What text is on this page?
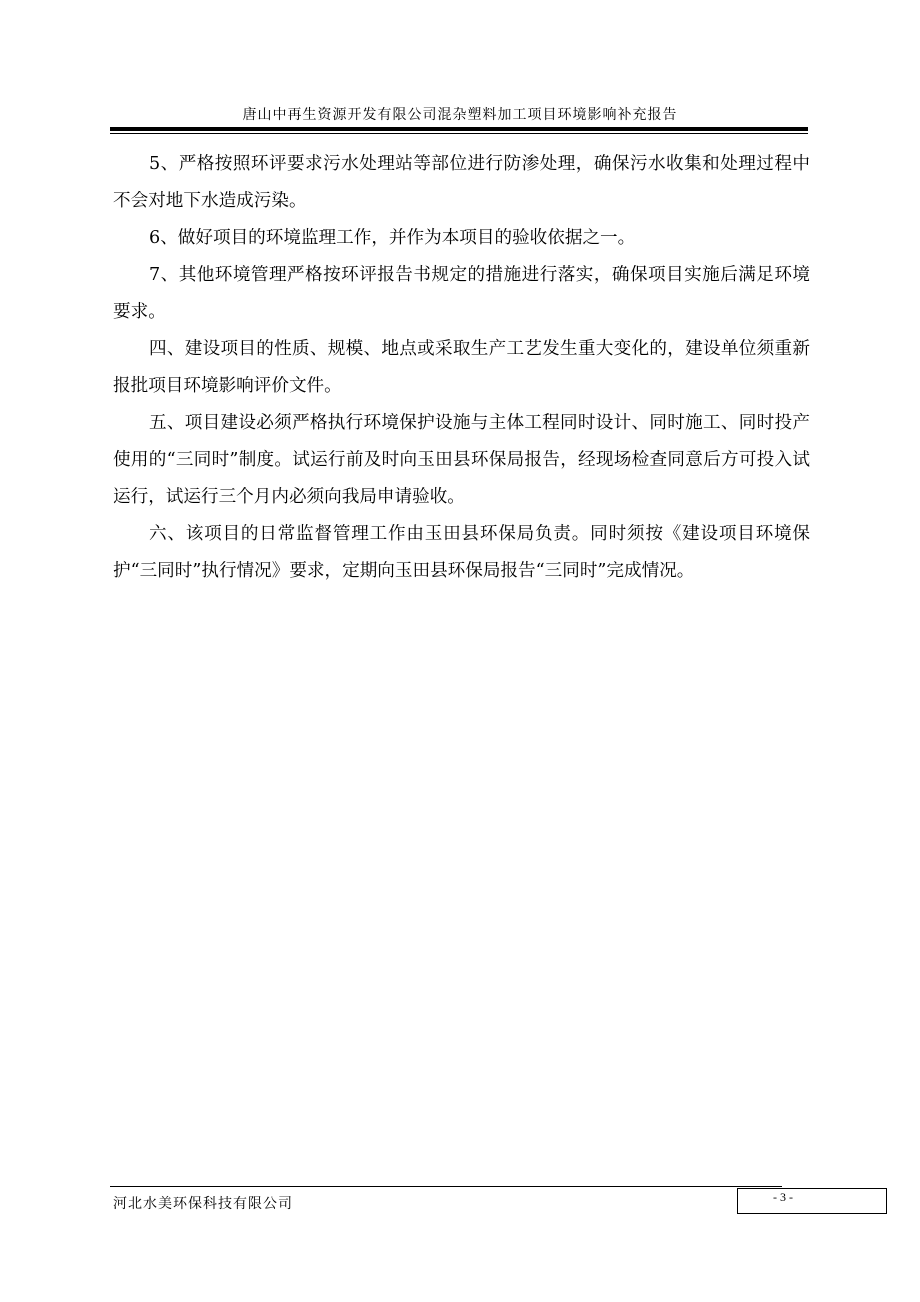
唐山中再生资源开发有限公司混杂塑料加工项目环境影响补充报告

5、严格按照环评要求污水处理站等部位进行防渗处理，确保污水收集和处理过程中不会对地下水造成污染。

6、做好项目的环境监理工作，并作为本项目的验收依据之一。

7、其他环境管理严格按环评报告书规定的措施进行落实，确保项目实施后满足环境要求。

四、建设项目的性质、规模、地点或采取生产工艺发生重大变化的，建设单位须重新报批项目环境影响评价文件。

五、项目建设必须严格执行环境保护设施与主体工程同时设计、同时施工、同时投产使用的“三同时”制度。试运行前及时向玉田县环保局报告，经现场检查同意后方可投入试运行，试运行三个月内必须向我局申请验收。

六、该项目的日常监督管理工作由玉田县环保局负责。同时须按《建设项目环境保护“三同时”执行情况》要求，定期向玉田县环保局报告“三同时”完成情况。

河北水美环保科技有限公司	- 3 -
